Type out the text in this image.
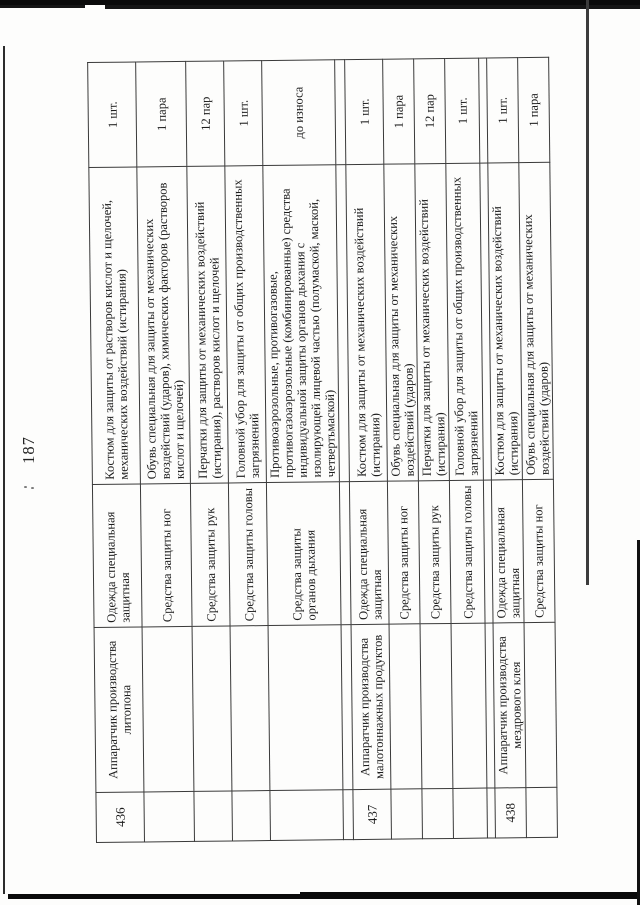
187
436	Аппаратчик производства литопона	Одежда специальная защитная	Костюм для защиты от растворов кислот и щелочей, механических воздействий (истирания)	1 шт.
		Средства защиты ног	Обувь специальная для защиты от механических воздействий (ударов), химических факторов (растворов кислот и щелочей)	1 пара
		Средства защиты рук	Перчатки для защиты от механических воздействий (истирания), растворов кислот и щелочей	12 пар
		Средства защиты головы	Головной убор для защиты от общих производственных загрязнений	1 шт.
		Средства защиты органов дыхания	Противоаэрозольные, противогазовые, противогазоаэрозольные (комбинированные) средства индивидуальной защиты органов дыхания с изолирующей лицевой частью (полумаской, маской, четвертьмаской)	до износа

437	Аппаратчик производства малотоннажных продуктов	Одежда специальная защитная	Костюм для защиты от механических воздействий (истирания)	1 шт.
		Средства защиты ног	Обувь специальная для защиты от механических воздействий (ударов)	1 пара
		Средства защиты рук	Перчатки для защиты от механических воздействий (истирания)	12 пар
		Средства защиты головы	Головной убор для защиты от общих производственных загрязнений	1 шт.

438	Аппаратчик производства мездрового клея	Одежда специальная защитная	Костюм для защиты от механических воздействий (истирания)	1 шт.
		Средства защиты ног	Обувь специальная для защиты от механических воздействий (ударов)	1 пара
